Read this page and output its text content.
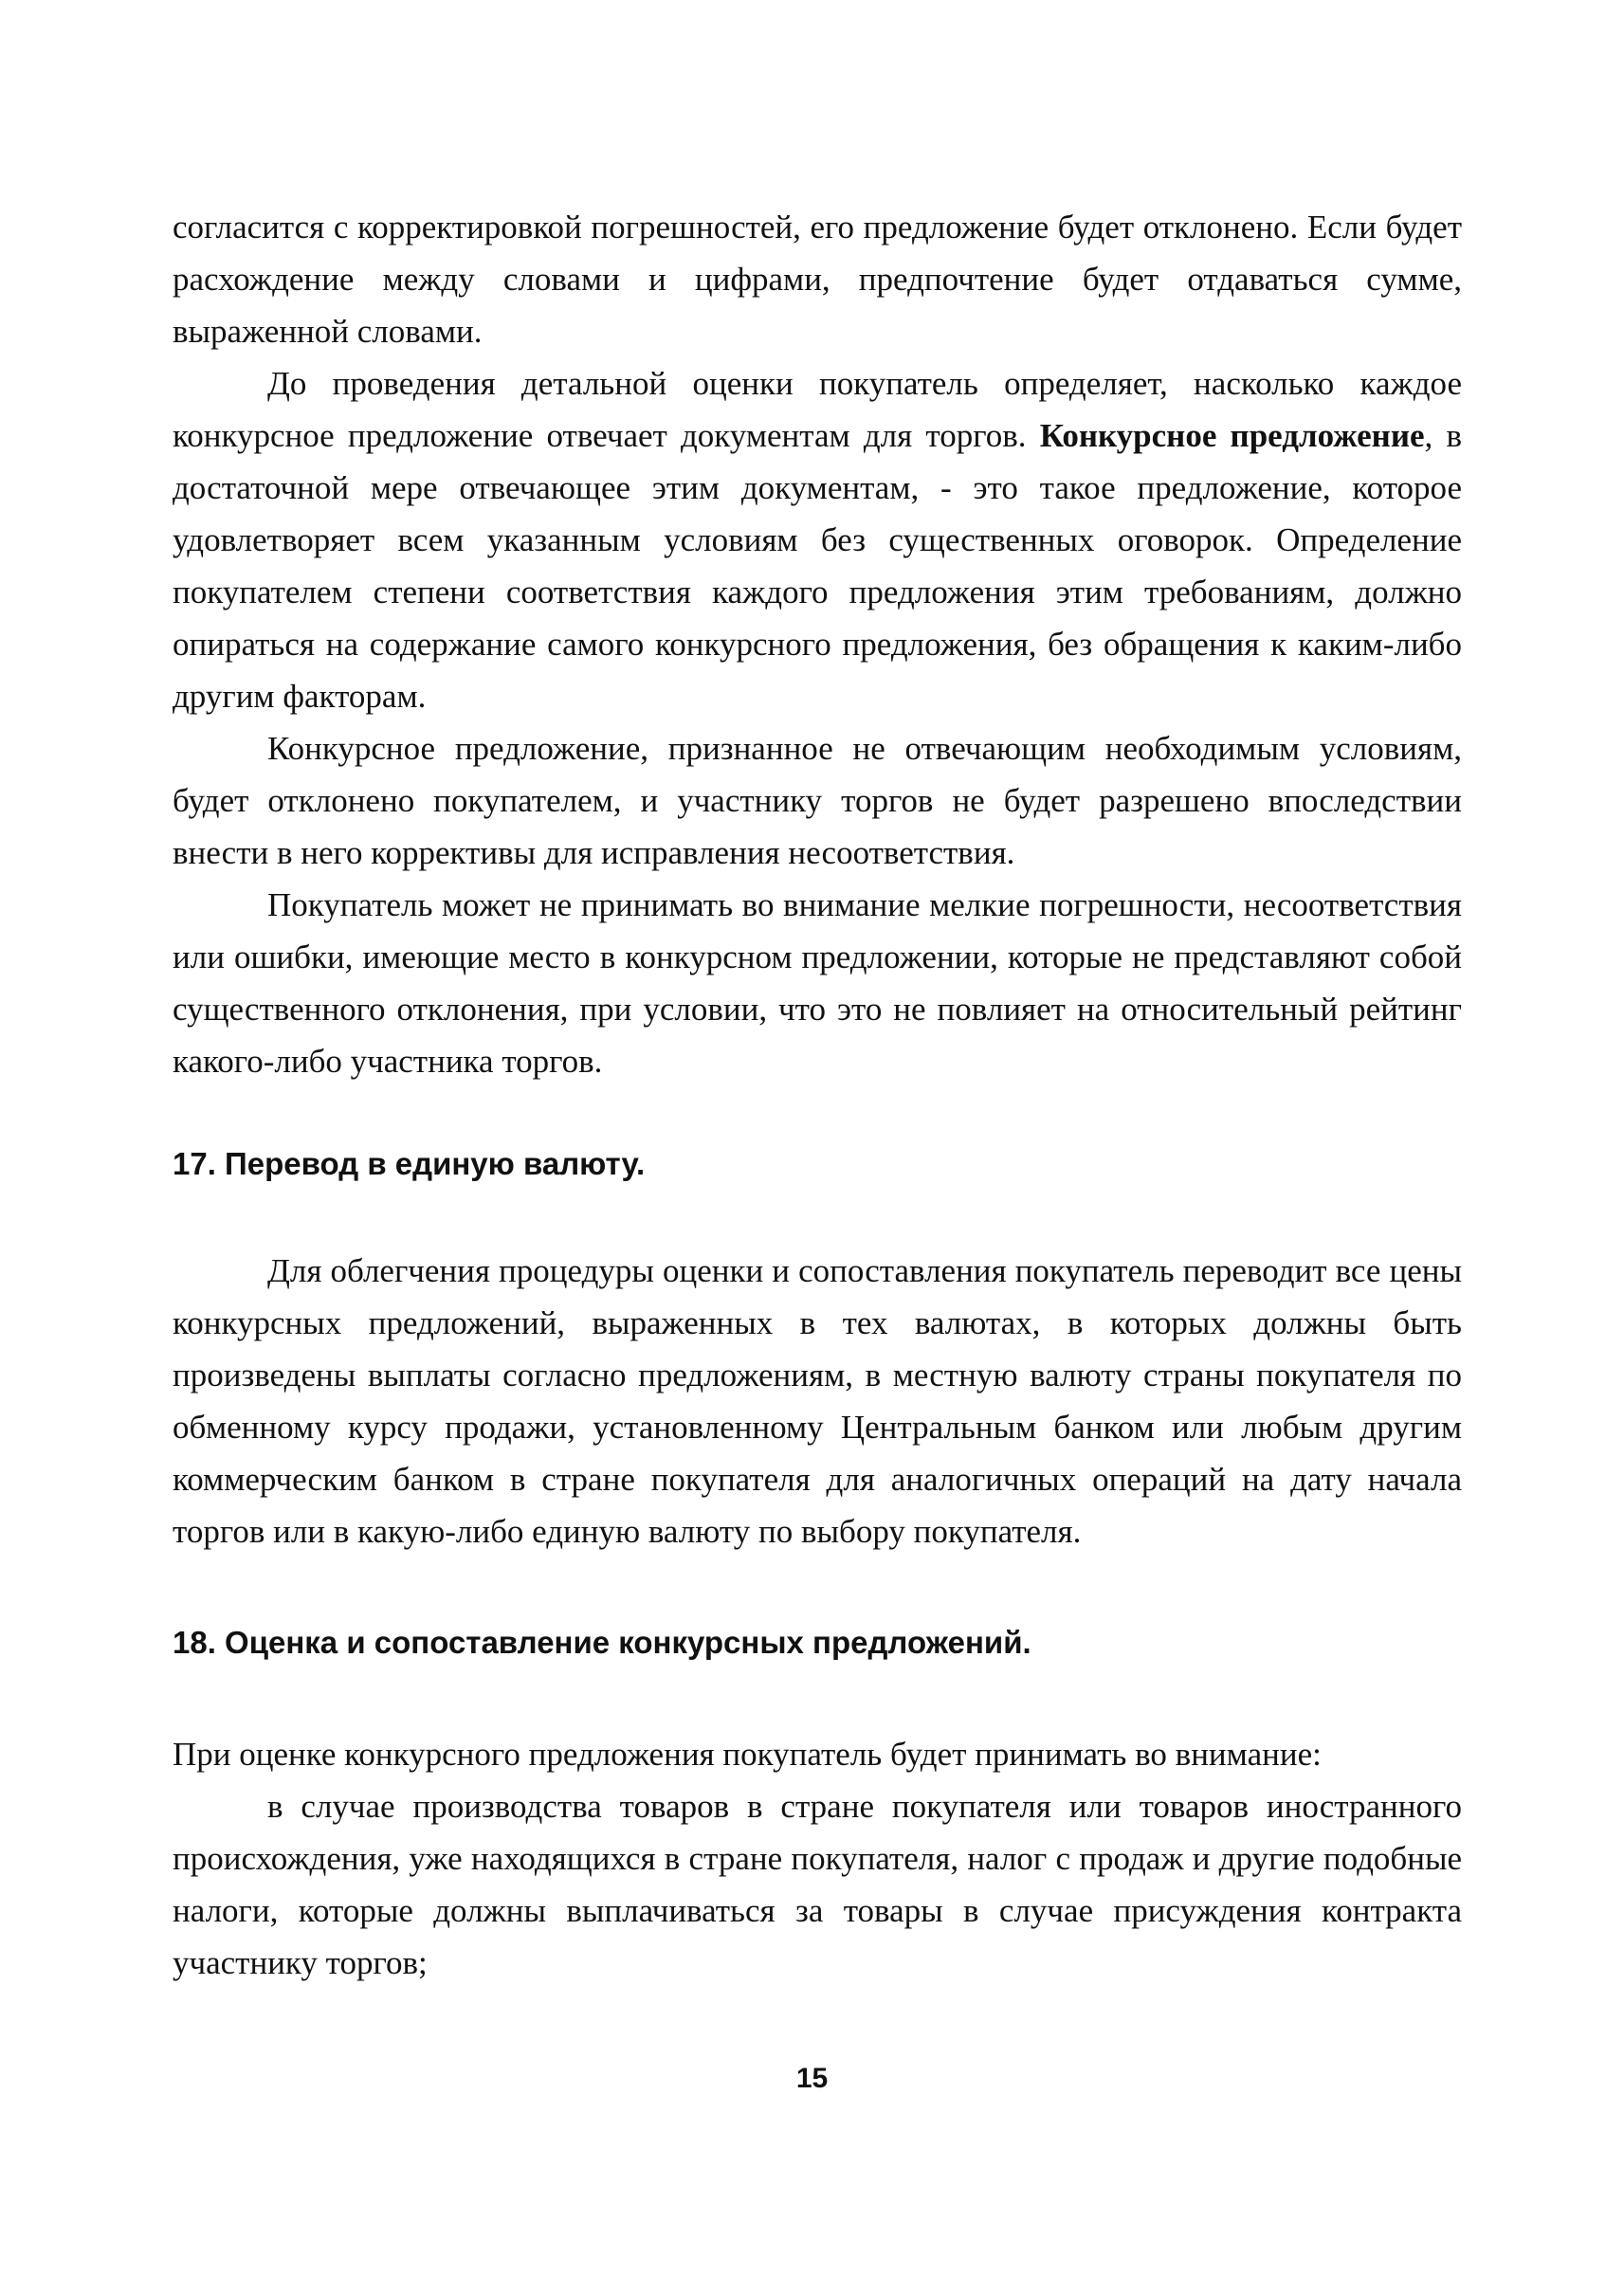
согласится с корректировкой погрешностей, его предложение будет отклонено. Если будет расхождение между словами и цифрами, предпочтение будет отдаваться сумме, выраженной словами.

До проведения детальной оценки покупатель определяет, насколько каждое конкурсное предложение отвечает документам для торгов. Конкурсное предложение, в достаточной мере отвечающее этим документам, - это такое предложение, которое удовлетворяет всем указанным условиям без существенных оговорок. Определение покупателем степени соответствия каждого предложения этим требованиям, должно опираться на содержание самого конкурсного предложения, без обращения к каким-либо другим факторам.

Конкурсное предложение, признанное не отвечающим необходимым условиям, будет отклонено покупателем, и участнику торгов не будет разрешено впоследствии внести в него коррективы для исправления несоответствия.

Покупатель может не принимать во внимание мелкие погрешности, несоответствия или ошибки, имеющие место в конкурсном предложении, которые не представляют собой существенного отклонения, при условии, что это не повлияет на относительный рейтинг какого-либо участника торгов.

17. Перевод в единую валюту.

Для облегчения процедуры оценки и сопоставления покупатель переводит все цены конкурсных предложений, выраженных в тех валютах, в которых должны быть произведены выплаты согласно предложениям, в местную валюту страны покупателя по обменному курсу продажи, установленному Центральным банком или любым другим коммерческим банком в стране покупателя для аналогичных операций на дату начала торгов или в какую-либо единую валюту по выбору покупателя.

18. Оценка и сопоставление конкурсных предложений.

При оценке конкурсного предложения покупатель будет принимать во внимание:

в случае производства товаров в стране покупателя или товаров иностранного происхождения, уже находящихся в стране покупателя, налог с продаж и другие подобные налоги, которые должны выплачиваться за товары в случае присуждения контракта участнику торгов;

15
